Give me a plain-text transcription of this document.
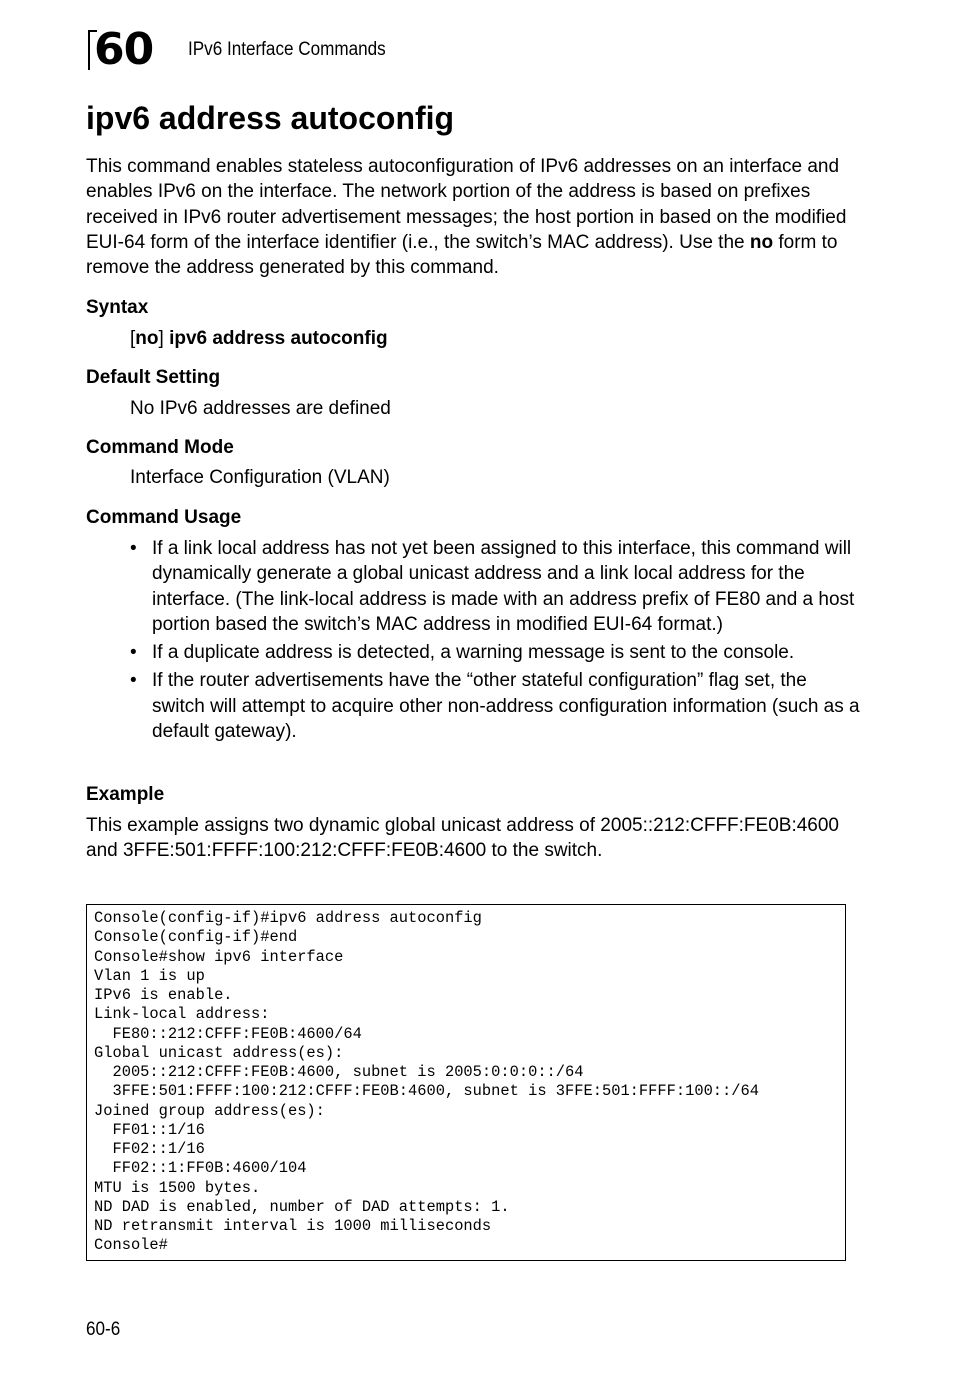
60 IPv6 Interface Commands
ipv6 address autoconfig

This command enables stateless autoconfiguration of IPv6 addresses on an interface and enables IPv6 on the interface. The network portion of the address is based on prefixes received in IPv6 router advertisement messages; the host portion in based on the modified EUI-64 form of the interface identifier (i.e., the switch’s MAC address). Use the no form to remove the address generated by this command.

Syntax
[no] ipv6 address autoconfig
Default Setting
No IPv6 addresses are defined
Command Mode
Interface Configuration (VLAN)
Command Usage
• If a link local address has not yet been assigned to this interface, this command will dynamically generate a global unicast address and a link local address for the interface. (The link-local address is made with an address prefix of FE80 and a host portion based the switch’s MAC address in modified EUI-64 format.)
• If a duplicate address is detected, a warning message is sent to the console.
• If the router advertisements have the “other stateful configuration” flag set, the switch will attempt to acquire other non-address configuration information (such as a default gateway).
Example

This example assigns two dynamic global unicast address of 2005::212:CFFF:FE0B:4600 and 3FFE:501:FFFF:100:212:CFFF:FE0B:4600 to the switch.

Console(config-if)#ipv6 address autoconfig
Console(config-if)#end
Console#show ipv6 interface
Vlan 1 is up
IPv6 is enable.
Link-local address:
FE80::212:CFFF:FE0B:4600/64
Global unicast address(es):
2005::212:CFFF:FE0B:4600, subnet is 2005:0:0:0::/64
3FFE:501:FFFF:100:212:CFFF:FE0B:4600, subnet is 3FFE:501:FFFF:100::/64
Joined group address(es):
FF01::1/16
FF02::1/16
FF02::1:FF0B:4600/104
MTU is 1500 bytes.
ND DAD is enabled, number of DAD attempts: 1.
ND retransmit interval is 1000 milliseconds
Console#
60-6
